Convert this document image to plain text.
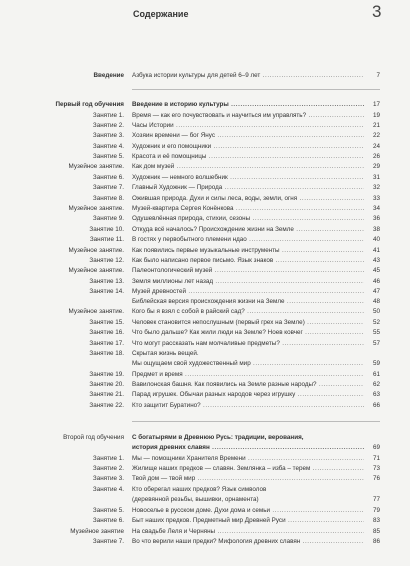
Содержание	3
Введение Азбука истории культуры для детей 6–9 лет .....	7
Первый год обучения Введение в историю культуры .....	17
Занятие 1. Время — как его почувствовать и научиться им управлять? .....	19
Занятие 2. Часы Истории .....	21
Занятие 3. Хозяин времени — бог Янус .....	22
Занятие 4. Художник и его помощники .....	24
Занятие 5. Красота и её помощницы .....	26
Музейное занятие. Как дом музей .....	29
Занятие 6. Художник — немного волшебник .....	31
Занятие 7. Главный Художник — Природа .....	32
Занятие 8. Ожившая природа. Духи и силы леса, воды, земли, огня .....	33
Музейное занятие. Музей-квартира Сергея Конёнкова .....	34
Занятие 9. Одушевлённая природа, стихии, сезоны .....	36
Занятие 10. Откуда всё началось? Происхождение жизни на Земле .....	38
Занятие 11. В гостях у первобытного племени ндао .....	40
Музейное занятие. Как появились первые музыкальные инструменты .....	41
Занятие 12. Как было написано первое письмо. Язык знаков .....	43
Музейное занятие. Палеонтологический музей .....	45
Занятие 13. Земля миллионы лет назад .....	46
Занятие 14. Музей древностей .....	47
Библейская версия происхождения жизни на Земле .....	48
Музейное занятие. Кого бы я взял с собой в райский сад? .....	50
Занятие 15. Человек становится непослушным (первый грех на Земле) .....	52
Занятие 16. Что было дальше? Как жили люди на Земле? Ноев ковчег .....	55
Занятие 17. Что могут рассказать нам молчаливые предметы? .....	57
Занятие 18. Скрытая жизнь вещей.
Мы ощущаем свой художественный мир .....	59
Занятие 19. Предмет и время .....	61
Занятие 20. Вавилонская башня. Как появились на Земле разные народы? .....	62
Занятие 21. Парад игрушек. Обычаи разных народов через игрушку .....	63
Занятие 22. Кто защитит Буратино? .....	66
Второй год обучения С богатырями в Древнюю Русь: традиции, верования,
история древних славян .....	69
Занятие 1. Мы — помощники Хранителя Времени .....	71
Занятие 2. Жилище наших предков — славян. Землянка – изба – терем .....	73
Занятие 3. Твой дом — твой мир .....	76
Занятие 4. Кто оберегал наших предков? Язык символов
(деревянной резьбы, вышивки, орнамента)	77
Занятие 5. Новоселье в русском доме. Духи дома и семьи .....	79
Занятие 6. Быт наших предков. Предметный мир Древней Руси .....	83
Музейное занятие На свадьбе Леля и Черняны .....	85
Занятие 7. Во что верили наши предки? Мифология древних славян .....	86
